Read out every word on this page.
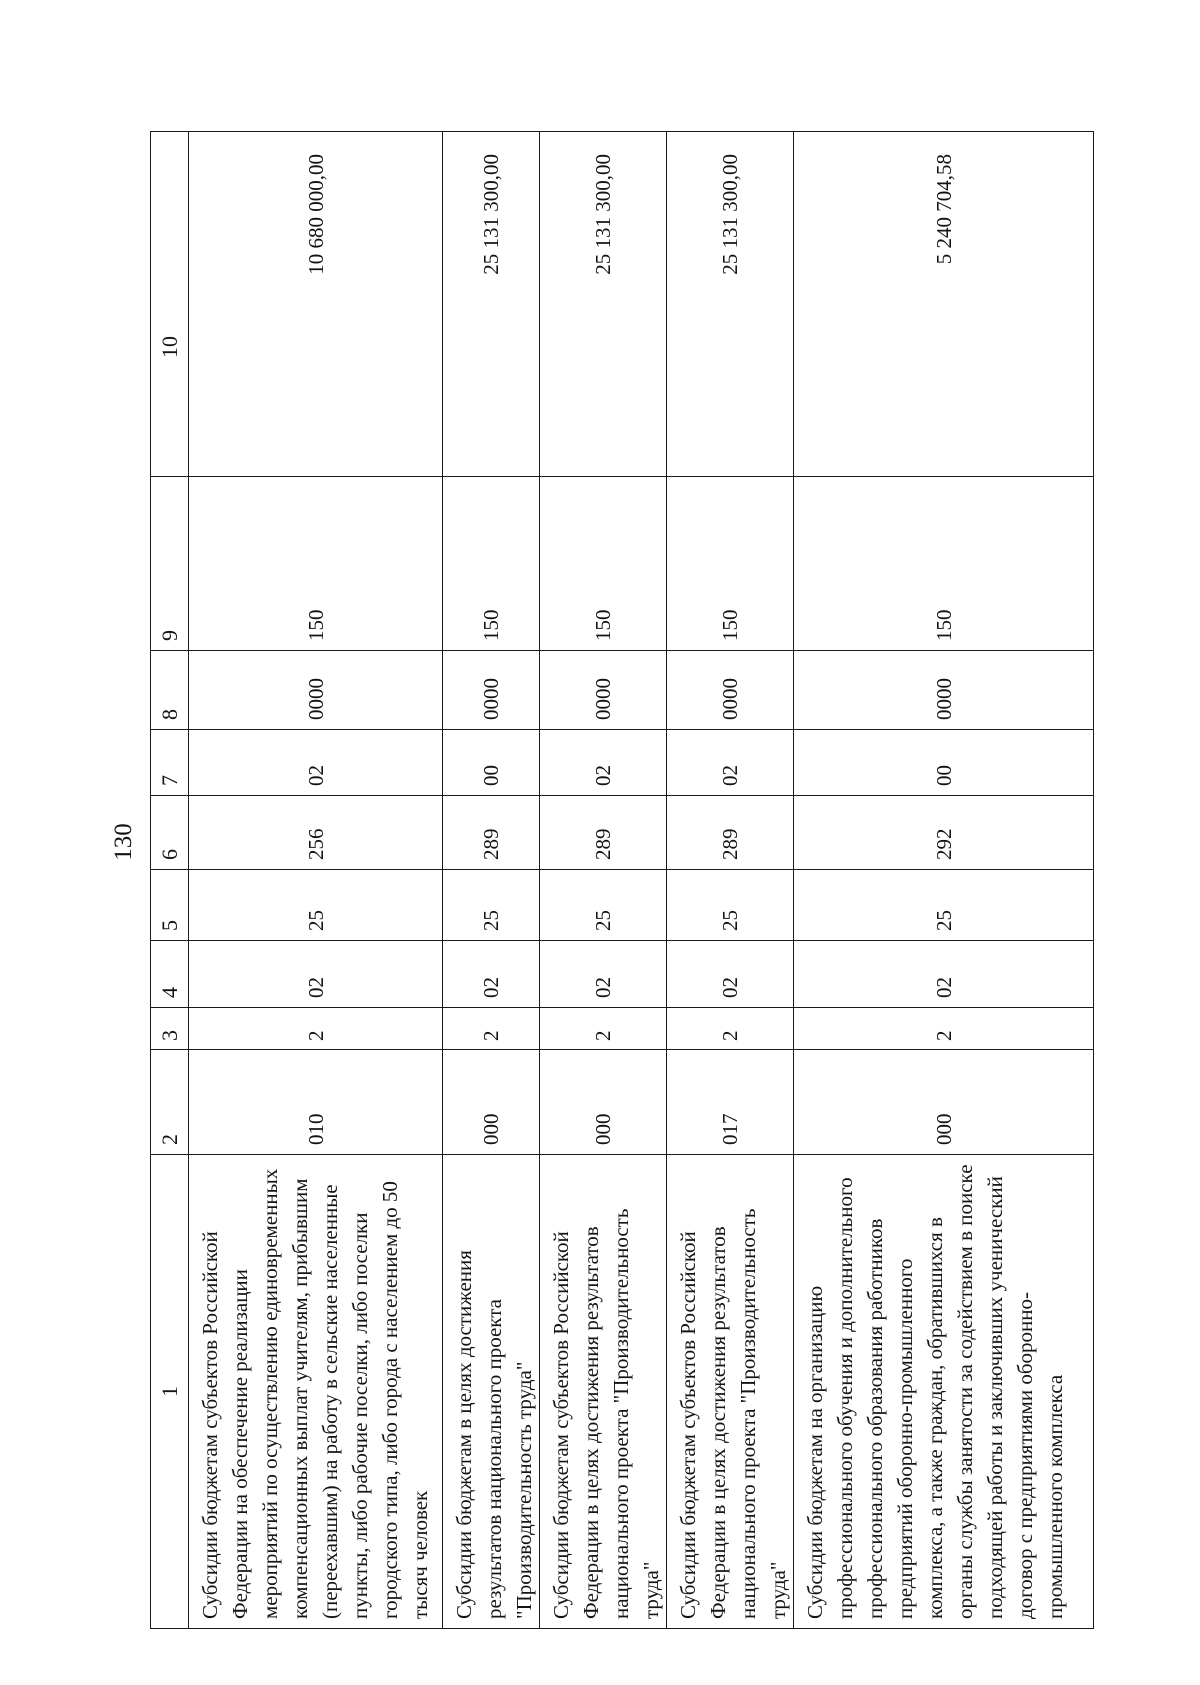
130
1	2	3	4	5	6	7	8	9	10
Субсидии бюджетам субъектов Российской Федерации на обеспечение реализации мероприятий по осуществлению единовременных компенсационных выплат учителям, прибывшим (переехавшим) на работу в сельские населенные пункты, либо рабочие поселки, либо поселки городского типа, либо города с населением до 50 тысяч человек	010	2	02	25	256	02	0000	150	10 680 000,00
Субсидии бюджетам в целях достижения результатов национального проекта "Производительность труда"	000	2	02	25	289	00	0000	150	25 131 300,00
Субсидии бюджетам субъектов Российской Федерации в целях достижения результатов национального проекта "Производительность труда"	000	2	02	25	289	02	0000	150	25 131 300,00
Субсидии бюджетам субъектов Российской Федерации в целях достижения результатов национального проекта "Производительность труда"	017	2	02	25	289	02	0000	150	25 131 300,00
Субсидии бюджетам на организацию профессионального обучения и дополнительного профессионального образования работников предприятий оборонно-промышленного комплекса, а также граждан, обратившихся в органы службы занятости за содействием в поиске подходящей работы и заключивших ученический договор с предприятиями оборонно-промышленного комплекса	000	2	02	25	292	00	0000	150	5 240 704,58
